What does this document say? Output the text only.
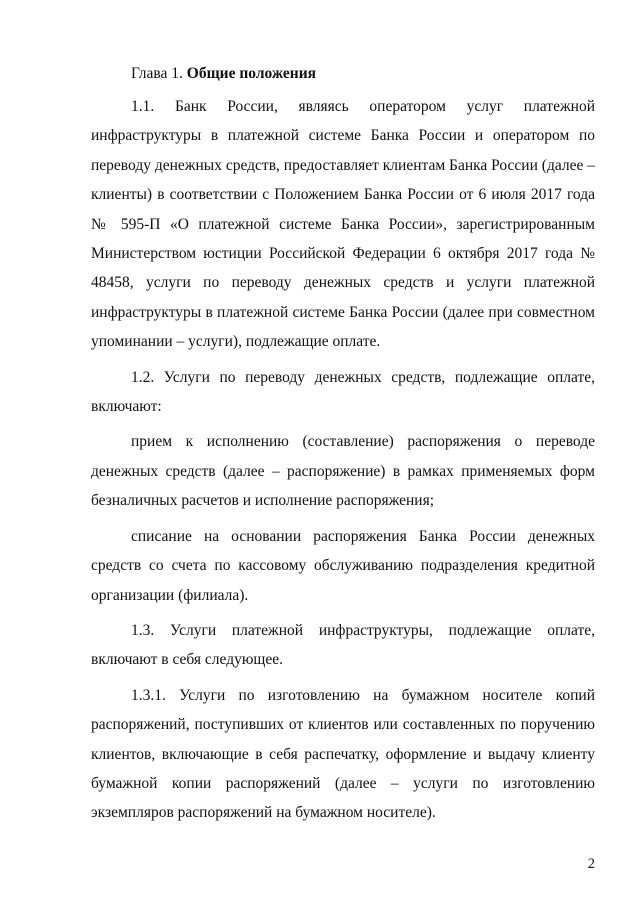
Глава 1. Общие положения

1.1. Банк России, являясь оператором услуг платежной инфраструктуры в платежной системе Банка России и оператором по переводу денежных средств, предоставляет клиентам Банка России (далее – клиенты) в соответствии с Положением Банка России от 6 июля 2017 года № 595-П «О платежной системе Банка России», зарегистрированным Министерством юстиции Российской Федерации 6 октября 2017 года № 48458, услуги по переводу денежных средств и услуги платежной инфраструктуры в платежной системе Банка России (далее при совместном упоминании – услуги), подлежащие оплате.

1.2. Услуги по переводу денежных средств, подлежащие оплате, включают:

прием к исполнению (составление) распоряжения о переводе денежных средств (далее – распоряжение) в рамках применяемых форм безналичных расчетов и исполнение распоряжения;

списание на основании распоряжения Банка России денежных средств со счета по кассовому обслуживанию подразделения кредитной организации (филиала).

1.3. Услуги платежной инфраструктуры, подлежащие оплате, включают в себя следующее.

1.3.1. Услуги по изготовлению на бумажном носителе копий распоряжений, поступивших от клиентов или составленных по поручению клиентов, включающие в себя распечатку, оформление и выдачу клиенту бумажной копии распоряжений (далее – услуги по изготовлению экземпляров распоряжений на бумажном носителе).

2
